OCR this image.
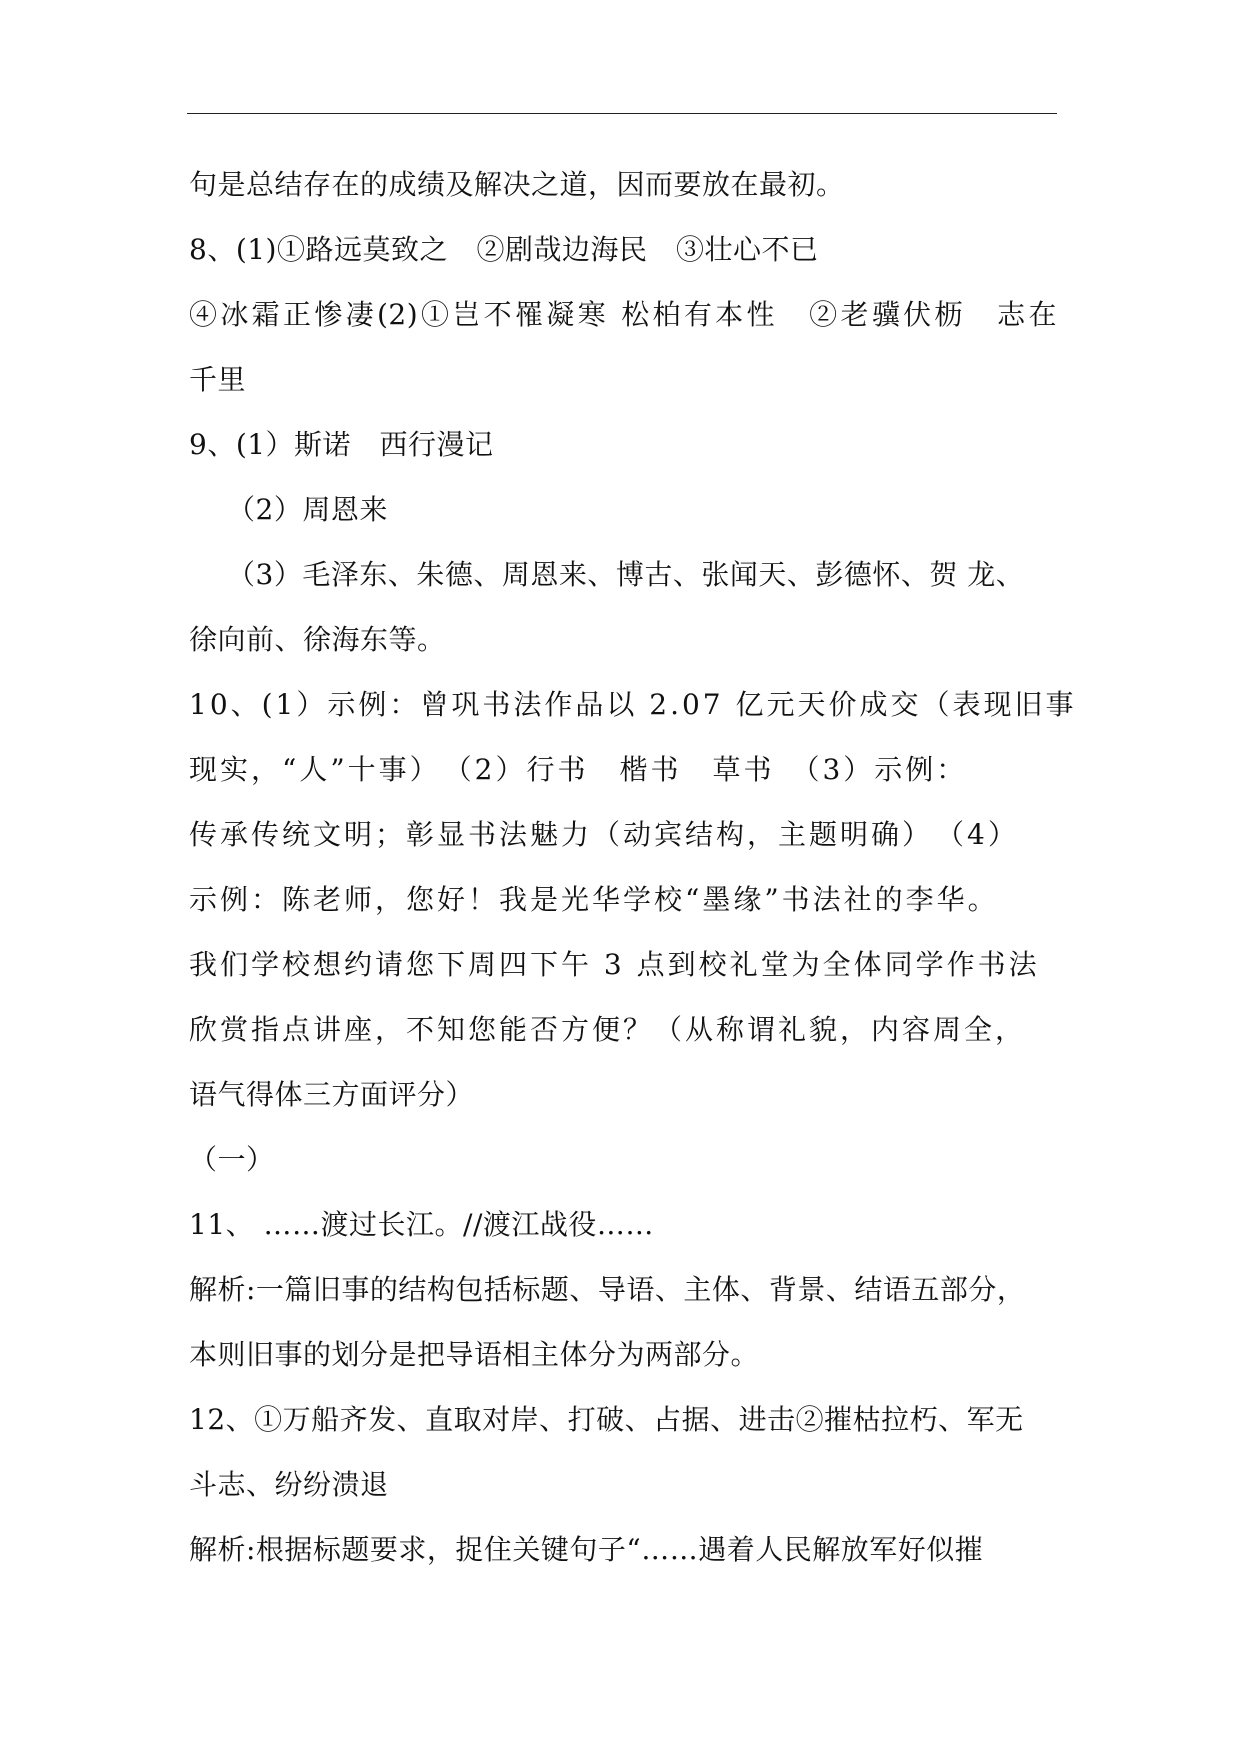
句是总结存在的成绩及解决之道，因而要放在最初。
8、(1)①路远莫致之　②剧哉边海民　③壮心不已
④冰霜正惨凄(2)①岂不罹凝寒 松柏有本性　②老骥伏枥　志在
千里
9、(1）斯诺　西行漫记
（2）周恩来
（3）毛泽东、朱德、周恩来、博古、张闻天、彭德怀、贺 龙、
徐向前、徐海东等。
10、(1）示例：曾巩书法作品以 2.07 亿元天价成交（表现旧事
现实，“人”十事）　（2）行书　楷书　草书　（3）示例：
传承传统文明；彰显书法魅力（动宾结构，主题明确）　（4）
示例：陈老师，您好！我是光华学校“墨缘”书法社的李华。
我们学校想约请您下周四下午 3 点到校礼堂为全体同学作书法
欣赏指点讲座，不知您能否方便？（从称谓礼貌，内容周全，
语气得体三方面评分）
（一）
11、 ……渡过长江。//渡江战役……
解析:一篇旧事的结构包括标题、导语、主体、背景、结语五部分，
本则旧事的划分是把导语相主体分为两部分。
12、①万船齐发、直取对岸、打破、占据、进击②摧枯拉朽、军无
斗志、纷纷溃退
解析:根据标题要求，捉住关键句子“……遇着人民解放军好似摧
